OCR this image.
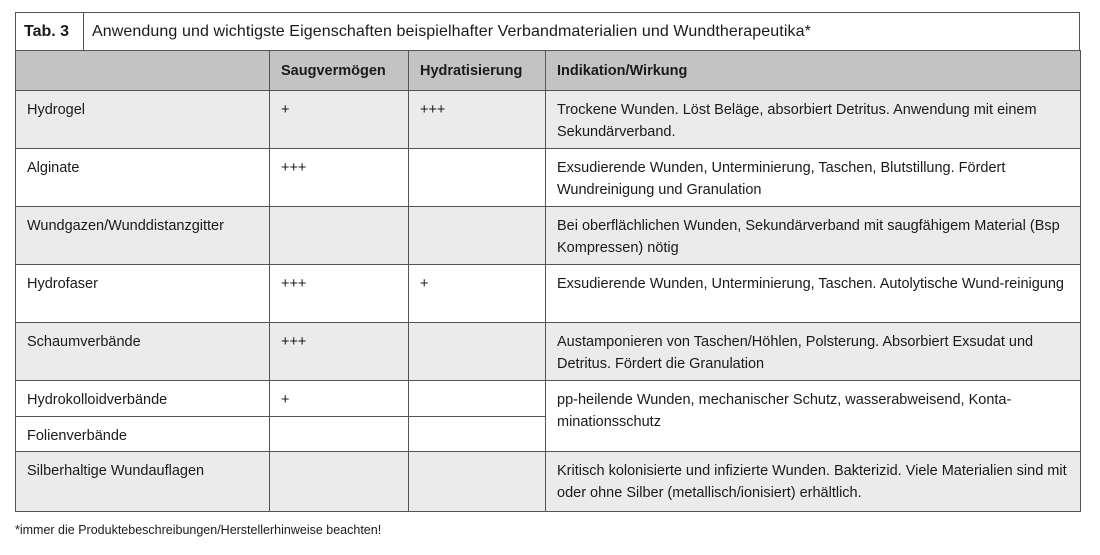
Tab. 3	Anwendung und wichtigste Eigenschaften beispielhafter Verbandmaterialien und Wundtherapeutika*
	Saugvermögen	Hydratisierung	Indikation/Wirkung
Hydrogel	+	+++	Trockene Wunden. Löst Beläge, absorbiert Detritus. Anwendung mit einem Sekundärverband.
Alginate	+++		Exsudierende Wunden, Unterminierung, Taschen, Blutstillung. Fördert Wundreinigung und Granulation
Wundgazen/Wunddistanzgitter			Bei oberflächlichen Wunden, Sekundärverband mit saugfähigem Material (Bsp Kompressen) nötig
Hydrofaser	+++	+	Exsudierende Wunden, Unterminierung, Taschen. Autolytische Wund-reinigung
Schaumverbände	+++		Austamponieren von Taschen/Höhlen, Polsterung. Absorbiert Exsudat und Detritus. Fördert die Granulation
Hydrokolloidverbände	+		pp-heilende Wunden, mechanischer Schutz, wasserabweisend, Konta-minationsschutz
Folienverbände			
Silberhaltige Wundauflagen			Kritisch kolonisierte und infizierte Wunden. Bakterizid. Viele Materialien sind mit oder ohne Silber (metallisch/ionisiert) erhältlich.
*immer die Produktebeschreibungen/Herstellerhinweise beachten!
